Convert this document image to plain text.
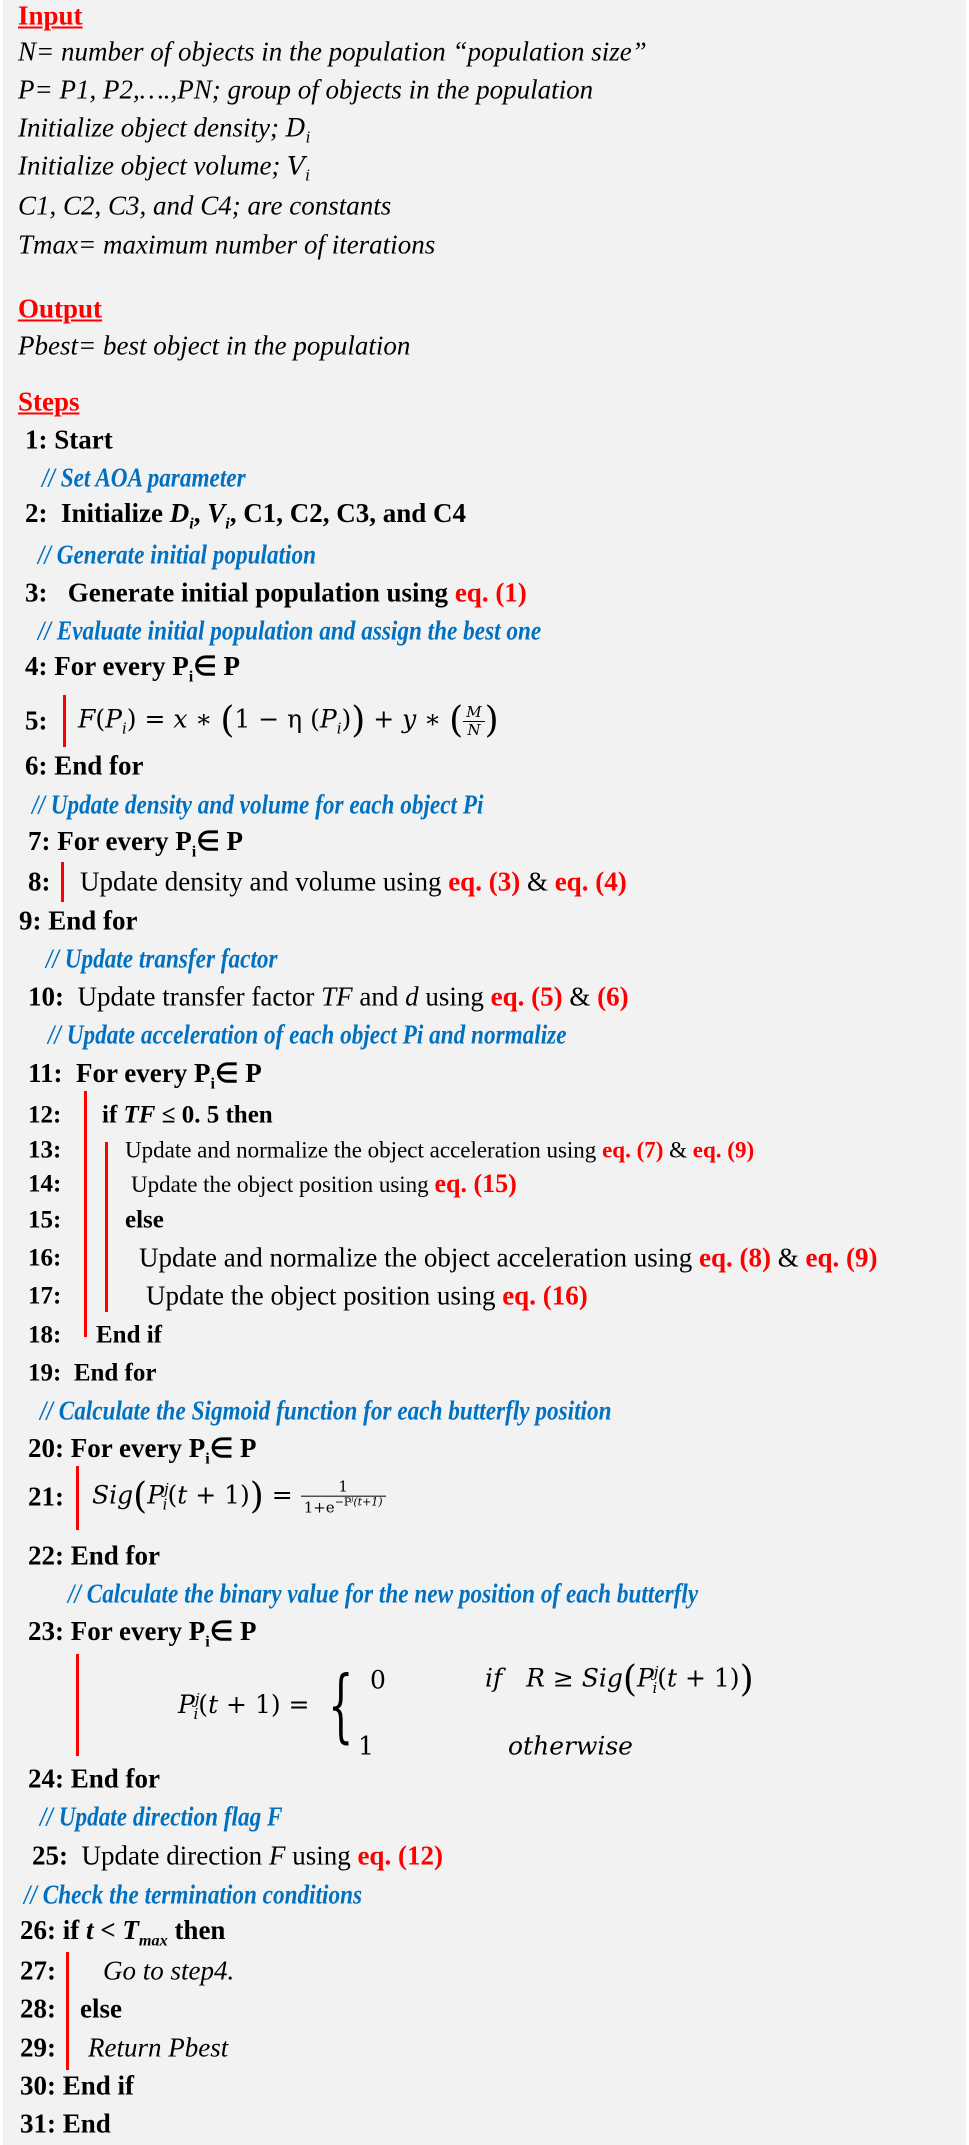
Input
N= number of objects in the population “population size”
P= P1, P2,….,PN; group of objects in the population
Initialize object density; $D_i$
Initialize object volume; $V_i$
C1, C2, C3, and C4; are constants
Tmax= maximum number of iterations
Output
Pbest= best object in the population
Steps
1: Start
// Set AOA parameter
2: Initialize $D_i$, $V_i$, C1, C2, C3, and C4
// Generate initial population
3: Generate initial population using eq. (1)
// Evaluate initial population and assign the best one
4: For every $P_i\in$ P
5: $F(P_i) = x$ ∗ (1 − η $(P_i)) + y$ ∗ ( $\frac{M}{N}$ )
6: End for
// Update density and volume for each object Pi
7: For every $P_i\in$ P
8: Update density and volume using eq. (3) & eq. (4)
9: End for
// Update transfer factor
10: Update transfer factor TF and d using eq. (5) & (6)
// Update acceleration of each object Pi and normalize
11: For every $P_i\in$ P
12: if TF ≤ 0. 5 then
13:	Update and normalize the object acceleration using eq. (7) & eq. (9)
14:	Update the object position using eq. (15)
15:	else
16:	Update and normalize the object acceleration using eq. (8) & eq. (9)
17:	Update the object position using eq. (16)
18: End if
19: End for
// Calculate the Sigmoid function for each butterfly position
20: For every $P_i\in$ P
21: $Sig(P^j_i(t + 1)) = \frac{1}{1+e^{-P^j(t+1)}}$
22: End for
// Calculate the binary value for the new position of each butterfly
23: For every $P_i\in$ P
$P^j_i(t + 1)$ = { 0	if $R \ge Sig(P^j_i(t + 1))$
1	otherwise
24: End for
// Update direction flag F
25: Update direction F using eq. (12)
// Check the termination conditions
26: if $t < T_{max}$ then
27: Go to step4.
28: else
29: Return Pbest
30: End if
31: End
